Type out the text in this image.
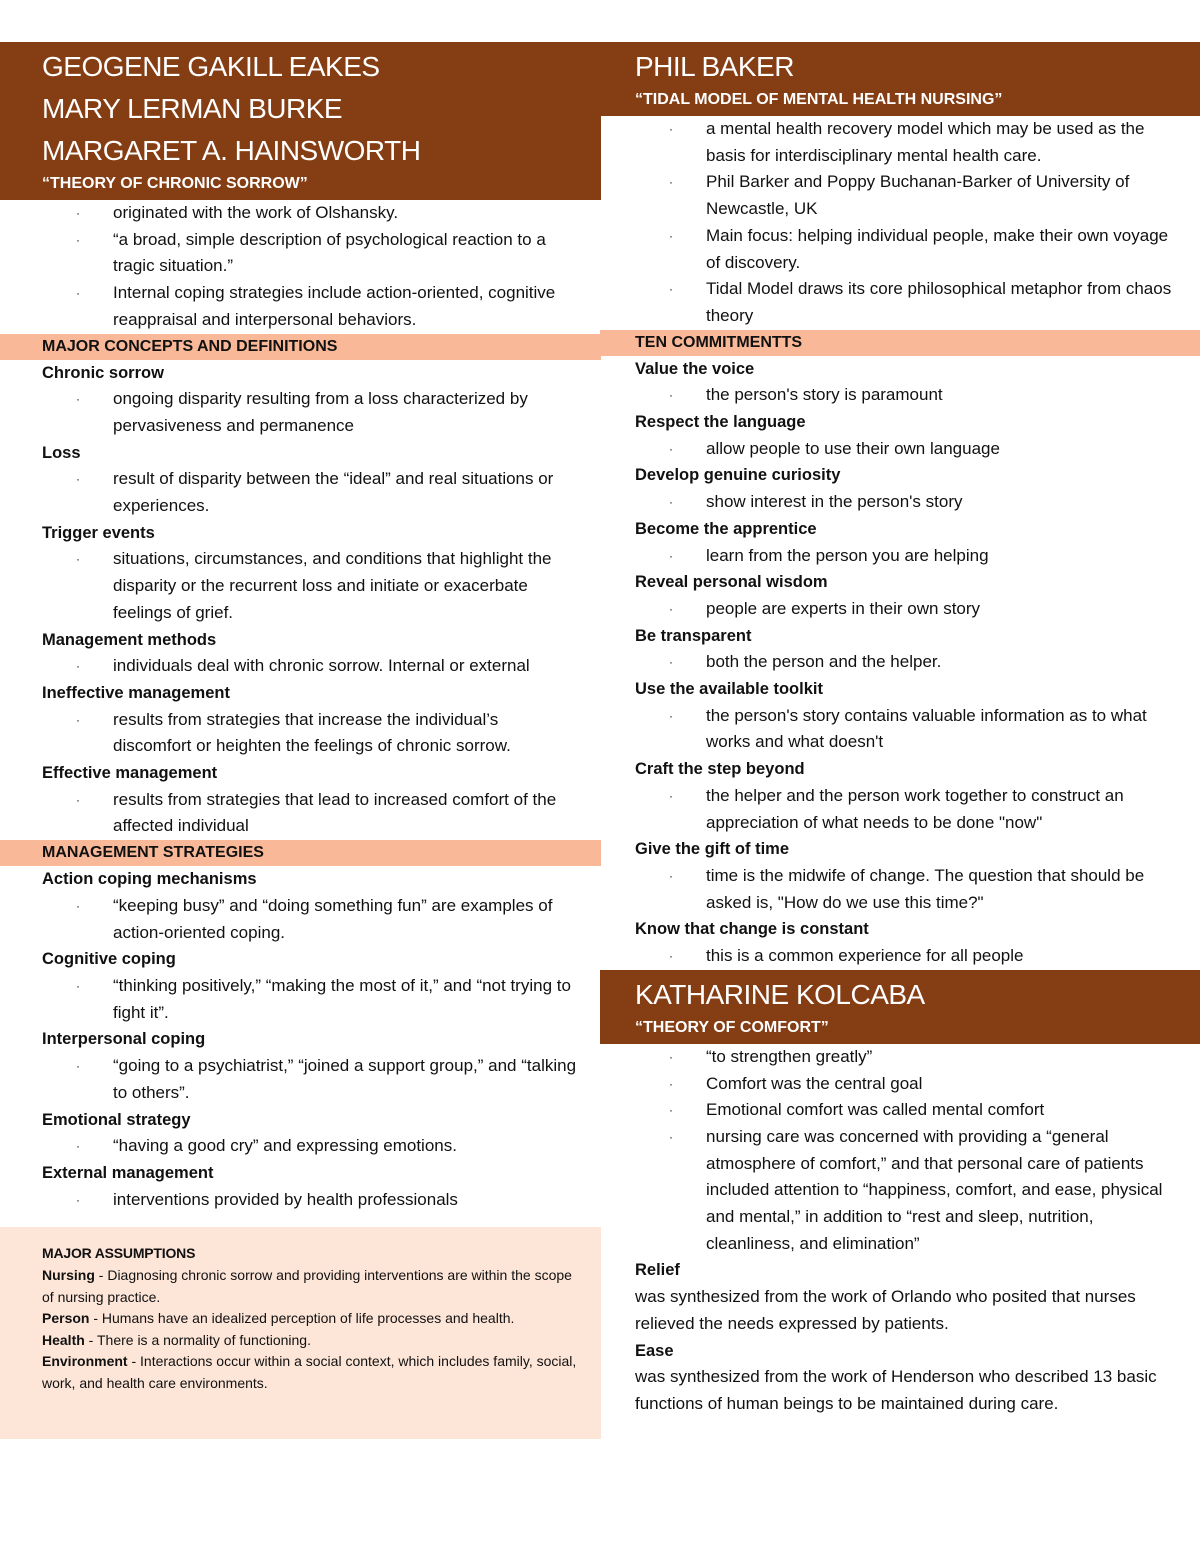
GEOGENE GAKILL EAKES
MARY LERMAN BURKE
MARGARET A. HAINSWORTH
“THEORY OF CHRONIC SORROW”
· originated with the work of Olshansky.
· “a broad, simple description of psychological reaction to a tragic situation.”
· Internal coping strategies include action-oriented, cognitive reappraisal and interpersonal behaviors.
MAJOR CONCEPTS AND DEFINITIONS
Chronic sorrow
· ongoing disparity resulting from a loss characterized by pervasiveness and permanence
Loss
· result of disparity between the “ideal” and real situations or experiences.
Trigger events
· situations, circumstances, and conditions that highlight the disparity or the recurrent loss and initiate or exacerbate feelings of grief.
Management methods
· individuals deal with chronic sorrow. Internal or external
Ineffective management
· results from strategies that increase the individual’s discomfort or heighten the feelings of chronic sorrow.
Effective management
· results from strategies that lead to increased comfort of the affected individual
MANAGEMENT STRATEGIES
Action coping mechanisms
· “keeping busy” and “doing something fun” are examples of action-oriented coping.
Cognitive coping
· “thinking positively,” “making the most of it,” and “not trying to fight it”.
Interpersonal coping
· “going to a psychiatrist,” “joined a support group,” and “talking to others”.
Emotional strategy
· “having a good cry” and expressing emotions.
External management
· interventions provided by health professionals
MAJOR ASSUMPTIONS
Nursing - Diagnosing chronic sorrow and providing interventions are within the scope of nursing practice.
Person - Humans have an idealized perception of life processes and health.
Health - There is a normality of functioning.
Environment - Interactions occur within a social context, which includes family, social, work, and health care environments.
PHIL BAKER
“TIDAL MODEL OF MENTAL HEALTH NURSING”
· a mental health recovery model which may be used as the basis for interdisciplinary mental health care.
· Phil Barker and Poppy Buchanan-Barker of University of Newcastle, UK
· Main focus: helping individual people, make their own voyage of discovery.
· Tidal Model draws its core philosophical metaphor from chaos theory
TEN COMMITMENTTS
Value the voice
· the person's story is paramount
Respect the language
· allow people to use their own language
Develop genuine curiosity
· show interest in the person's story
Become the apprentice
· learn from the person you are helping
Reveal personal wisdom
· people are experts in their own story
Be transparent
· both the person and the helper.
Use the available toolkit
· the person's story contains valuable information as to what works and what doesn't
Craft the step beyond
· the helper and the person work together to construct an appreciation of what needs to be done "now"
Give the gift of time
· time is the midwife of change. The question that should be asked is, "How do we use this time?"
Know that change is constant
· this is a common experience for all people
KATHARINE KOLCABA
“THEORY OF COMFORT”
· “to strengthen greatly”
· Comfort was the central goal
· Emotional comfort was called mental comfort
· nursing care was concerned with providing a “general atmosphere of comfort,” and that personal care of patients included attention to “happiness, comfort, and ease, physical and mental,” in addition to “rest and sleep, nutrition, cleanliness, and elimination”
Relief
was synthesized from the work of Orlando who posited that nurses relieved the needs expressed by patients.
Ease
was synthesized from the work of Henderson who described 13 basic functions of human beings to be maintained during care.
